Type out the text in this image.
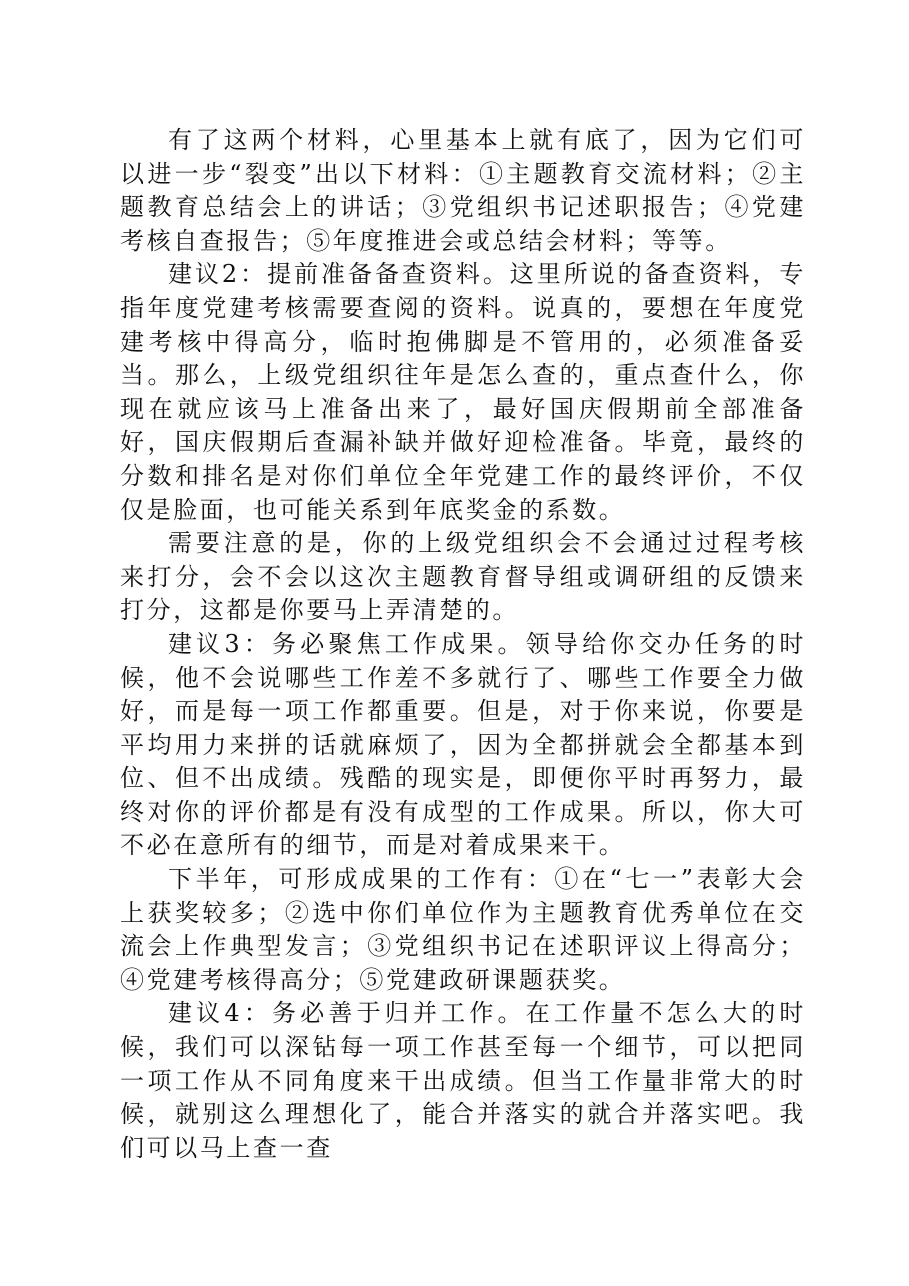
有了这两个材料，心里基本上就有底了，因为它们可以进一步“裂变”出以下材料：①主题教育交流材料；②主题教育总结会上的讲话；③党组织书记述职报告；④党建考核自查报告；⑤年度推进会或总结会材料；等等。

建议2：提前准备备查资料。这里所说的备查资料，专指年度党建考核需要查阅的资料。说真的，要想在年度党建考核中得高分，临时抱佛脚是不管用的，必须准备妥当。那么，上级党组织往年是怎么查的，重点查什么，你现在就应该马上准备出来了，最好国庆假期前全部准备好，国庆假期后查漏补缺并做好迎检准备。毕竟，最终的分数和排名是对你们单位全年党建工作的最终评价，不仅仅是脸面，也可能关系到年底奖金的系数。

需要注意的是，你的上级党组织会不会通过过程考核来打分，会不会以这次主题教育督导组或调研组的反馈来打分，这都是你要马上弄清楚的。

建议3：务必聚焦工作成果。领导给你交办任务的时候，他不会说哪些工作差不多就行了、哪些工作要全力做好，而是每一项工作都重要。但是，对于你来说，你要是平均用力来拼的话就麻烦了，因为全都拼就会全都基本到位、但不出成绩。残酷的现实是，即便你平时再努力，最终对你的评价都是有没有成型的工作成果。所以，你大可不必在意所有的细节，而是对着成果来干。

下半年，可形成成果的工作有：①在“七一”表彰大会上获奖较多；②选中你们单位作为主题教育优秀单位在交流会上作典型发言；③党组织书记在述职评议上得高分；④党建考核得高分；⑤党建政研课题获奖。

建议4：务必善于归并工作。在工作量不怎么大的时候，我们可以深钻每一项工作甚至每一个细节，可以把同一项工作从不同角度来干出成绩。但当工作量非常大的时候，就别这么理想化了，能合并落实的就合并落实吧。我们可以马上查一查
